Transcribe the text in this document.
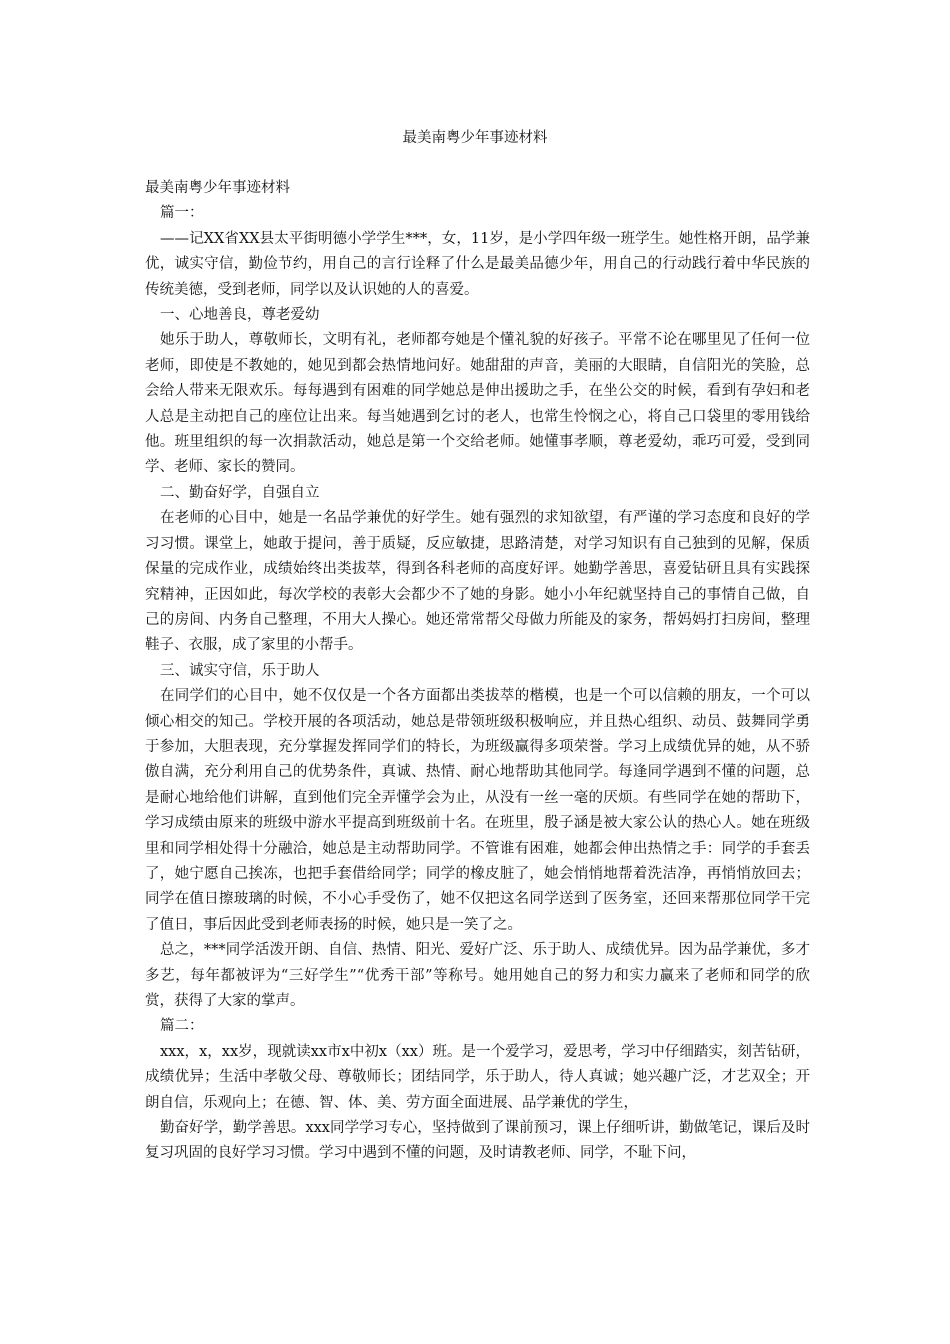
最美南粤少年事迹材料

最美南粤少年事迹材料

篇一：

——记XX省XX县太平街明德小学学生***，女，11岁，是小学四年级一班学生。她性格开朗，品学兼优，诚实守信，勤俭节约，用自己的言行诠释了什么是最美品德少年，用自己的行动践行着中华民族的传统美德，受到老师，同学以及认识她的人的喜爱。

一、心地善良，尊老爱幼

她乐于助人，尊敬师长，文明有礼，老师都夸她是个懂礼貌的好孩子。平常不论在哪里见了任何一位老师，即使是不教她的，她见到都会热情地问好。她甜甜的声音，美丽的大眼睛，自信阳光的笑脸，总会给人带来无限欢乐。每每遇到有困难的同学她总是伸出援助之手，在坐公交的时候，看到有孕妇和老人总是主动把自己的座位让出来。每当她遇到乞讨的老人，也常生怜悯之心，将自己口袋里的零用钱给他。班里组织的每一次捐款活动，她总是第一个交给老师。她懂事孝顺，尊老爱幼，乖巧可爱，受到同学、老师、家长的赞同。

二、勤奋好学，自强自立

在老师的心目中，她是一名品学兼优的好学生。她有强烈的求知欲望，有严谨的学习态度和良好的学习习惯。课堂上，她敢于提问，善于质疑，反应敏捷，思路清楚，对学习知识有自己独到的见解，保质保量的完成作业，成绩始终出类拔萃，得到各科老师的高度好评。她勤学善思，喜爱钻研且具有实践探究精神，正因如此，每次学校的表彰大会都少不了她的身影。她小小年纪就坚持自己的事情自己做，自己的房间、内务自己整理，不用大人操心。她还常常帮父母做力所能及的家务，帮妈妈打扫房间，整理鞋子、衣服，成了家里的小帮手。

三、诚实守信，乐于助人

在同学们的心目中，她不仅仅是一个各方面都出类拔萃的楷模，也是一个可以信赖的朋友，一个可以倾心相交的知己。学校开展的各项活动，她总是带领班级积极响应，并且热心组织、动员、鼓舞同学勇于参加，大胆表现，充分掌握发挥同学们的特长，为班级赢得多项荣誉。学习上成绩优异的她，从不骄傲自满，充分利用自己的优势条件，真诚、热情、耐心地帮助其他同学。每逢同学遇到不懂的问题，总是耐心地给他们讲解，直到他们完全弄懂学会为止，从没有一丝一毫的厌烦。有些同学在她的帮助下，学习成绩由原来的班级中游水平提高到班级前十名。在班里，殷子涵是被大家公认的热心人。她在班级里和同学相处得十分融洽，她总是主动帮助同学。不管谁有困难，她都会伸出热情之手：同学的手套丢了，她宁愿自己挨冻，也把手套借给同学；同学的橡皮脏了，她会悄悄地帮着洗洁净，再悄悄放回去；同学在值日擦玻璃的时候，不小心手受伤了，她不仅把这名同学送到了医务室，还回来帮那位同学干完了值日，事后因此受到老师表扬的时候，她只是一笑了之。

总之，***同学活泼开朗、自信、热情、阳光、爱好广泛、乐于助人、成绩优异。因为品学兼优，多才多艺，每年都被评为“三好学生”“优秀干部”等称号。她用她自己的努力和实力赢来了老师和同学的欣赏，获得了大家的掌声。

篇二：

xxx，x，xx岁，现就读xx市x中初x（xx）班。是一个爱学习，爱思考，学习中仔细踏实，刻苦钻研，成绩优异；生活中孝敬父母、尊敬师长；团结同学，乐于助人，待人真诚；她兴趣广泛，才艺双全；开朗自信，乐观向上；在德、智、体、美、劳方面全面进展、品学兼优的学生，

勤奋好学，勤学善思。xxx同学学习专心，坚持做到了课前预习，课上仔细听讲，勤做笔记，课后及时复习巩固的良好学习习惯。学习中遇到不懂的问题，及时请教老师、同学，不耻下问，
